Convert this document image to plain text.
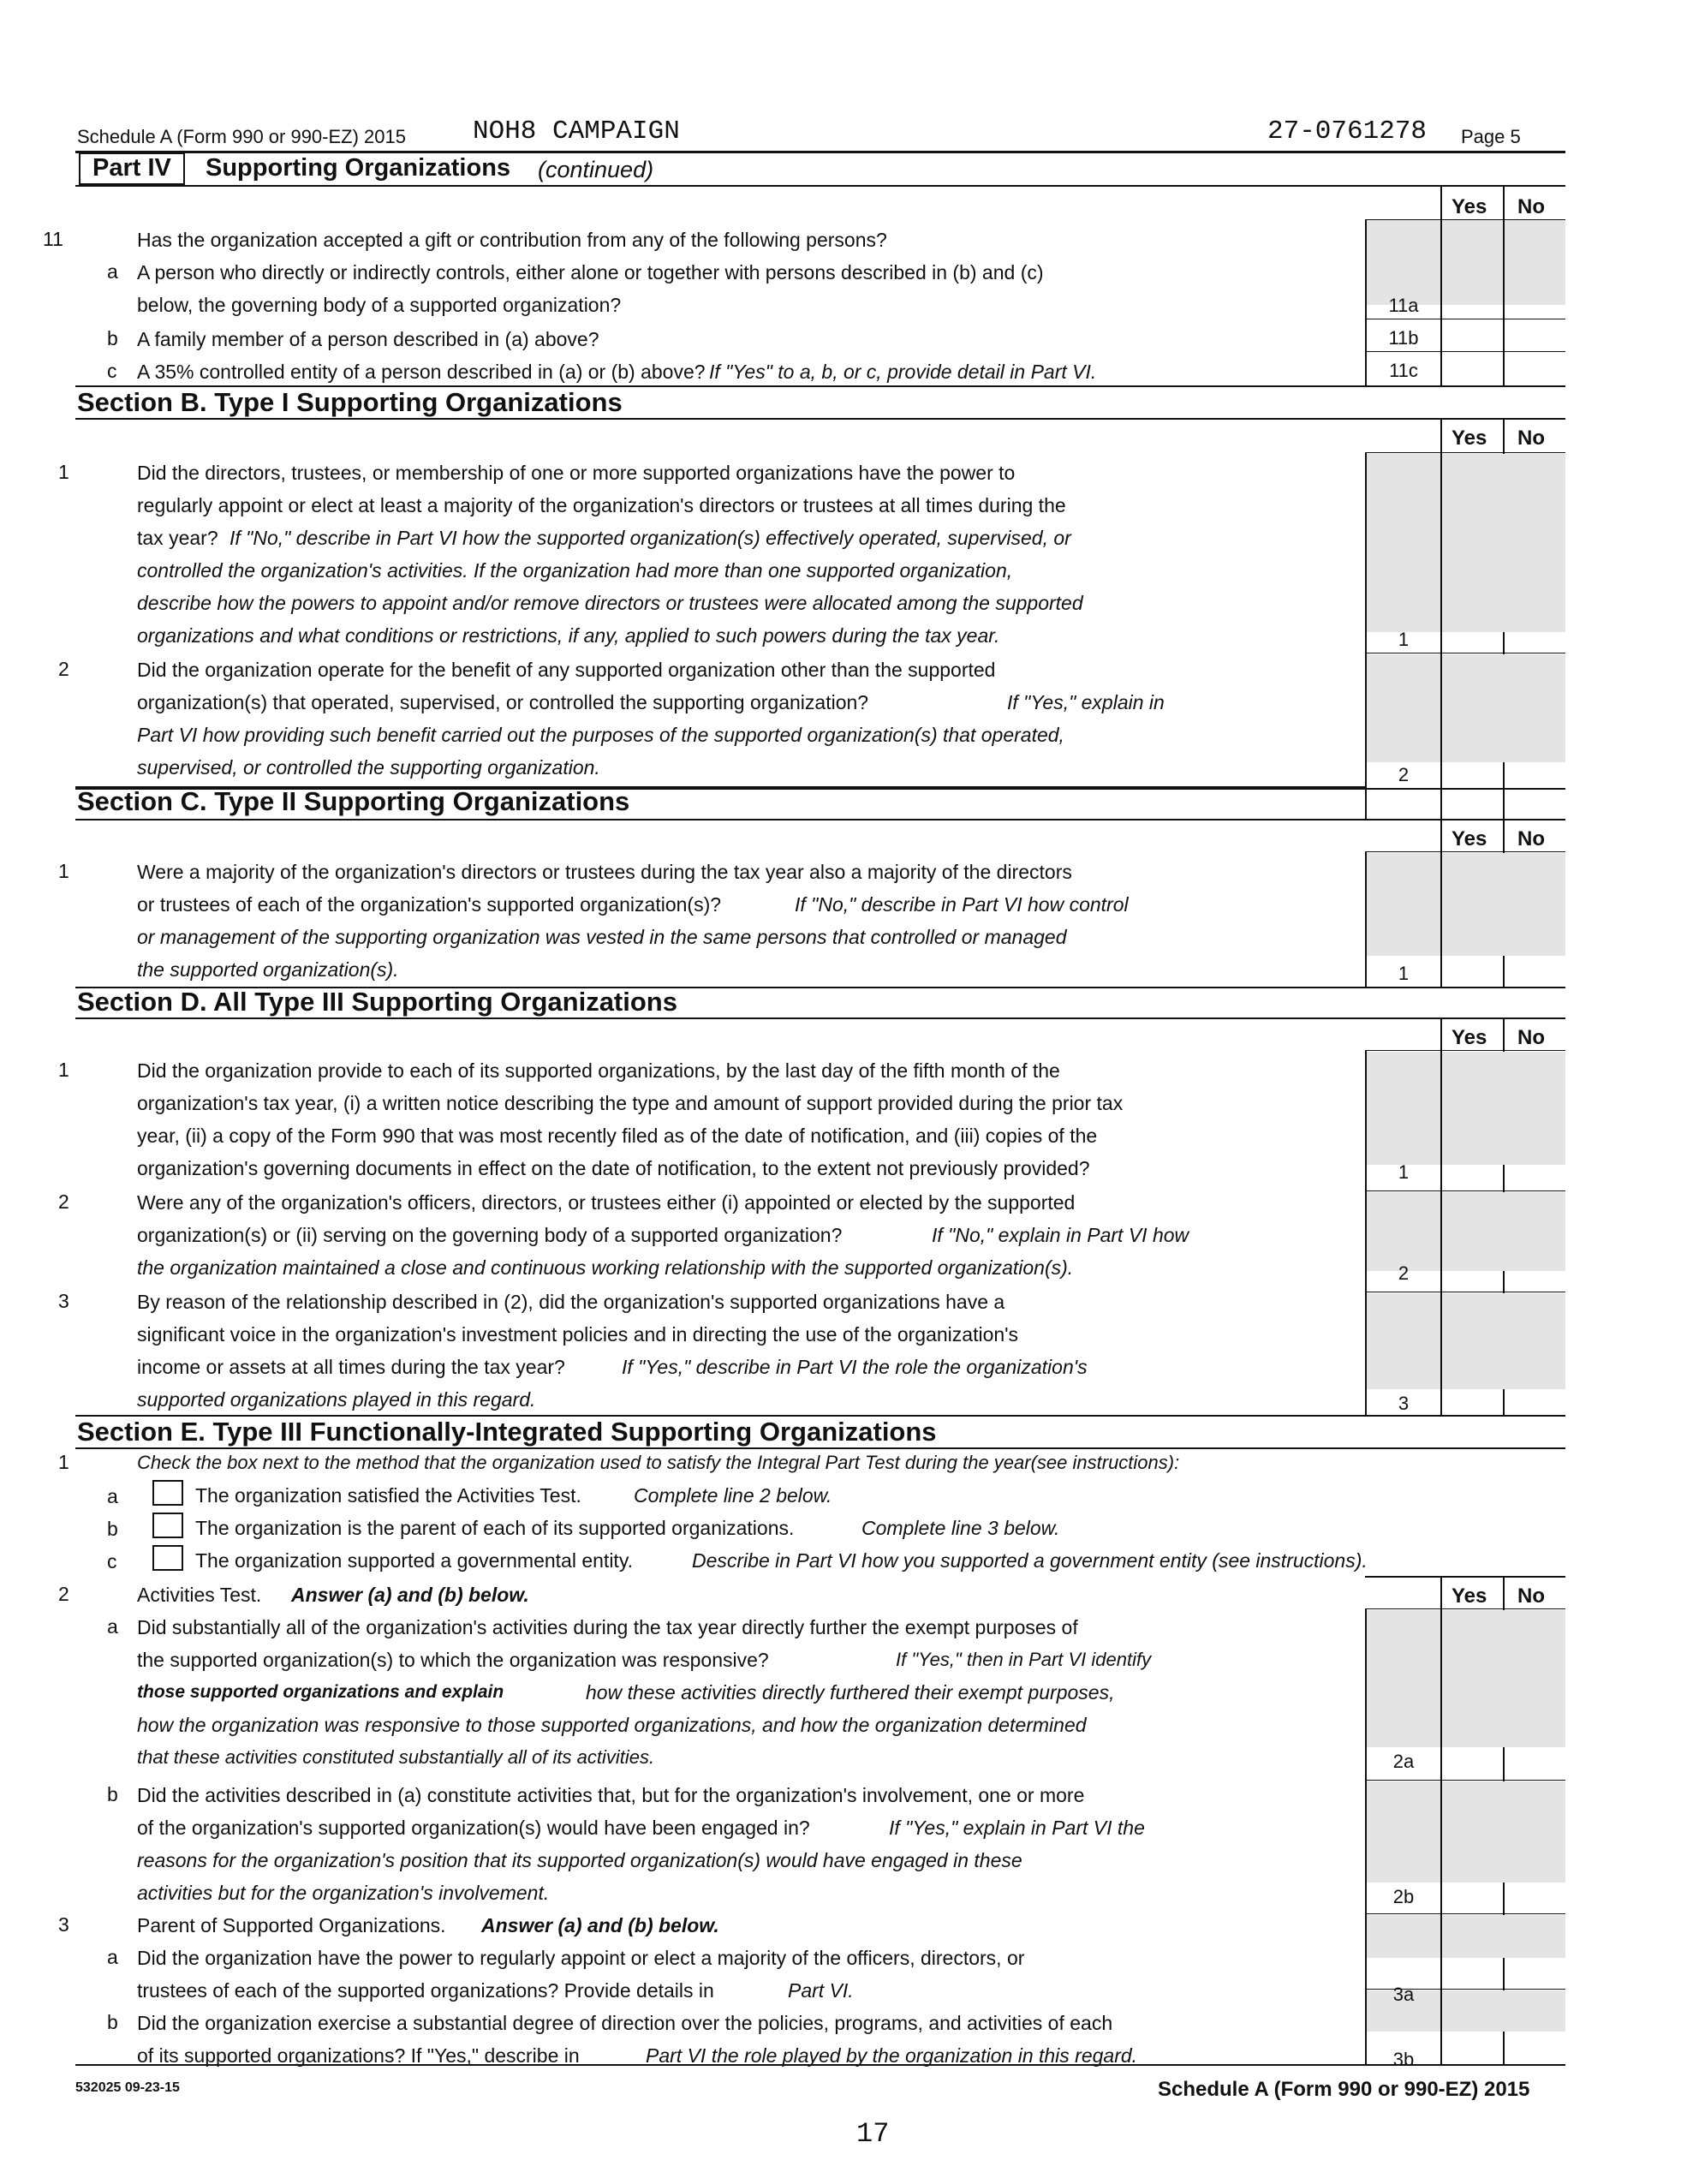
Schedule A (Form 990 or 990-EZ) 2015	NOH8 CAMPAIGN	27-0761278 Page 5
Part IV Supporting Organizations (continued)
Yes No
11	Has the organization accepted a gift or contribution from any of the following persons?
a A person who directly or indirectly controls, either alone or together with persons described in (b) and (c)
below, the governing body of a supported organization?	11a
b A family member of a person described in (a) above?	11b
c A 35% controlled entity of a person described in (a) or (b) above? If "Yes" to a, b, or c, provide detail in Part VI.	11c
Section B. Type I Supporting Organizations
Yes No
1	Did the directors, trustees, or membership of one or more supported organizations have the power to
regularly appoint or elect at least a majority of the organization's directors or trustees at all times during the
tax year? If "No," describe in Part VI how the supported organization(s) effectively operated, supervised, or
controlled the organization's activities. If the organization had more than one supported organization,
describe how the powers to appoint and/or remove directors or trustees were allocated among the supported
organizations and what conditions or restrictions, if any, applied to such powers during the tax year.	1
2	Did the organization operate for the benefit of any supported organization other than the supported
organization(s) that operated, supervised, or controlled the supporting organization?	If "Yes," explain in
Part VI how providing such benefit carried out the purposes of the supported organization(s) that operated,
supervised, or controlled the supporting organization.	2
Section C. Type II Supporting Organizations
Yes No
1	Were a majority of the organization's directors or trustees during the tax year also a majority of the directors
or trustees of each of the organization's supported organization(s)?	If "No," describe in Part VI how control
or management of the supporting organization was vested in the same persons that controlled or managed
the supported organization(s).	1
Section D. All Type III Supporting Organizations
Yes No
1	Did the organization provide to each of its supported organizations, by the last day of the fifth month of the
organization's tax year, (i) a written notice describing the type and amount of support provided during the prior tax
year, (ii) a copy of the Form 990 that was most recently filed as of the date of notification, and (iii) copies of the
organization's governing documents in effect on the date of notification, to the extent not previously provided?	1
2	Were any of the organization's officers, directors, or trustees either (i) appointed or elected by the supported
organization(s) or (ii) serving on the governing body of a supported organization?	If "No," explain in Part VI how
the organization maintained a close and continuous working relationship with the supported organization(s).	2
3	By reason of the relationship described in (2), did the organization's supported organizations have a
significant voice in the organization's investment policies and in directing the use of the organization's
income or assets at all times during the tax year?	If "Yes," describe in Part VI the role the organization's
supported organizations played in this regard.	3
Section E. Type III Functionally-Integrated Supporting Organizations
1	Check the box next to the method that the organization used to satisfy the Integral Part Test during the year(see instructions):
a	The organization satisfied the Activities Test.	Complete line 2 below.
b	The organization is the parent of each of its supported organizations.	Complete line 3 below.
c	The organization supported a governmental entity.	Describe in Part VI how you supported a government entity (see instructions).
2	Activities Test. Answer (a) and (b) below.	Yes No
a Did substantially all of the organization's activities during the tax year directly further the exempt purposes of
the supported organization(s) to which the organization was responsive?	If "Yes," then in Part VI identify
those supported organizations and explain	how these activities directly furthered their exempt purposes,
how the organization was responsive to those supported organizations, and how the organization determined
that these activities constituted substantially all of its activities.	2a
b Did the activities described in (a) constitute activities that, but for the organization's involvement, one or more
of the organization's supported organization(s) would have been engaged in?	If "Yes," explain in Part VI the
reasons for the organization's position that its supported organization(s) would have engaged in these
activities but for the organization's involvement.	2b
3	Parent of Supported Organizations. Answer (a) and (b) below.
a Did the organization have the power to regularly appoint or elect a majority of the officers, directors, or
trustees of each of the supported organizations? Provide details in	Part VI.	3a
b Did the organization exercise a substantial degree of direction over the policies, programs, and activities of each
of its supported organizations? If "Yes," describe in	Part VI the role played by the organization in this regard.	3b
532025 09-23-15
17
Schedule A (Form 990 or 990-EZ) 2015
